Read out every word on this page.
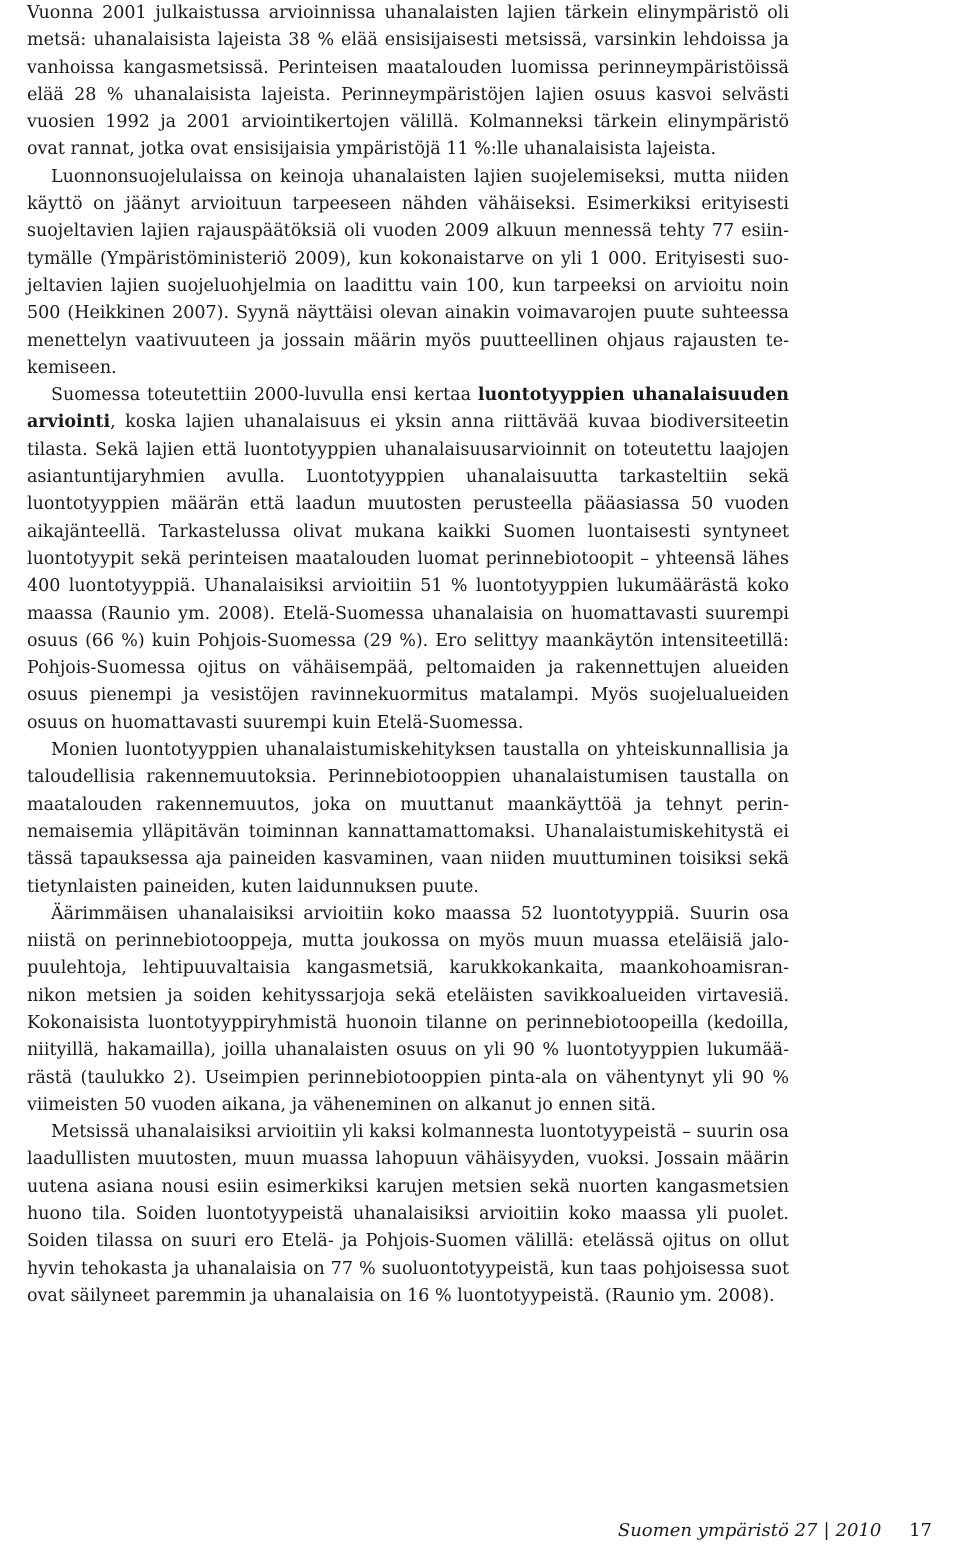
Vuonna 2001 julkaistussa arvioinnissa uhanalaisten lajien tärkein elinympäristö oli metsä: uhanalaisista lajeista 38 % elää ensisijaisesti metsissä, varsinkin lehdoissa ja vanhoissa kangasmetsissä. Perinteisen maatalouden luomissa perinneympäristöissä elää 28 % uhanalaisista lajeista. Perinneympäristöjen lajien osuus kasvoi selvästi vuosien 1992 ja 2001 arviointikertojen välillä. Kolmanneksi tärkein elinympäristö ovat rannat, jotka ovat ensisijaisia ympäristöjä 11 %:lle uhanalaisista lajeista.

Luonnonsuojelulaissa on keinoja uhanalaisten lajien suojelemiseksi, mutta niiden käyttö on jäänyt arvioituun tarpeeseen nähden vähäiseksi. Esimerkiksi erityisesti suojeltavien lajien rajauspäätöksiä oli vuoden 2009 alkuun mennessä tehty 77 esiintymälle (Ympäristöministeriö 2009), kun kokonaistarve on yli 1 000. Erityisesti suojeltavien lajien suojeluohjelmia on laadittu vain 100, kun tarpeeksi on arvioitu noin 500 (Heikkinen 2007). Syynä näyttäisi olevan ainakin voimavarojen puute suhteessa menettelyn vaativuuteen ja jossain määrin myös puutteellinen ohjaus rajausten tekemiseen.

Suomessa toteutettiin 2000-luvulla ensi kertaa luontotyyppien uhanalaisuuden arviointi, koska lajien uhanalaisuus ei yksin anna riittävää kuvaa biodiversiteetin tilasta. Sekä lajien että luontotyyppien uhanalaisuusarvioinnit on toteutettu laajojen asiantuntijaryhmien avulla. Luontotyyppien uhanalaisuutta tarkasteltiin sekä luontotyyppien määrän että laadun muutosten perusteella pääasiassa 50 vuoden aikajänteellä. Tarkastelussa olivat mukana kaikki Suomen luontaisesti syntyneet luontotyypit sekä perinteisen maatalouden luomat perinnebiotoopit – yhteensä lähes 400 luontotyyppiä. Uhanalaisiksi arvioitiin 51 % luontotyyppien lukumäärästä koko maassa (Raunio ym. 2008). Etelä-Suomessa uhanalaisia on huomattavasti suurempi osuus (66 %) kuin Pohjois-Suomessa (29 %). Ero selittyy maankäytön intensiteetillä: Pohjois-Suomessa ojitus on vähäisempää, peltomaiden ja rakennettujen alueiden osuus pienempi ja vesistöjen ravinnekuormitus matalampi. Myös suojelualueiden osuus on huomattavasti suurempi kuin Etelä-Suomessa.

Monien luontotyyppien uhanalaistumiskehityksen taustalla on yhteiskunnallisia ja taloudellisia rakennemuutoksia. Perinnebiotooppien uhanalaistumisen taustalla on maatalouden rakennemuutos, joka on muuttanut maankäyttöä ja tehnyt perinnemaisemia ylläpitävän toiminnan kannattamattomaksi. Uhanalaistumiskehitystä ei tässä tapauksessa aja paineiden kasvaminen, vaan niiden muuttuminen toisiksi sekä tietynlaisten paineiden, kuten laidunnuksen puute.

Äärimmäisen uhanalaisiksi arvioitiin koko maassa 52 luontotyyppiä. Suurin osa niistä on perinnebiotooppeja, mutta joukossa on myös muun muassa eteläisiä jalopuulehtoja, lehtipuuvaltaisia kangasmetsiä, karukkokankaita, maankohoamisrannikon metsien ja soiden kehityssarjoja sekä eteläisten savikkoalueiden virtavesiä. Kokonaisista luontotyyppiryhmistä huonoin tilanne on perinnebiotoopeilla (kedoilla, niityillä, hakamailla), joilla uhanalaisten osuus on yli 90 % luontotyyppien lukumäärästä (taulukko 2). Useimpien perinnebiotooppien pinta-ala on vähentynyt yli 90 % viimeisten 50 vuoden aikana, ja väheneminen on alkanut jo ennen sitä.

Metsissä uhanalaisiksi arvioitiin yli kaksi kolmannesta luontotyypeistä – suurin osa laadullisten muutosten, muun muassa lahopuun vähäisyyden, vuoksi. Jossain määrin uutena asiana nousi esiin esimerkiksi karujen metsien sekä nuorten kangasmetsien huono tila. Soiden luontotyypeistä uhanalaisiksi arvioitiin koko maassa yli puolet. Soiden tilassa on suuri ero Etelä- ja Pohjois-Suomen välillä: etelässä ojitus on ollut hyvin tehokasta ja uhanalaisia on 77 % suoluontotyypeistä, kun taas pohjoisessa suot ovat säilyneet paremmin ja uhanalaisia on 16 % luontotyypeistä. (Raunio ym. 2008).

Suomen ympäristö 27 | 2010 17
